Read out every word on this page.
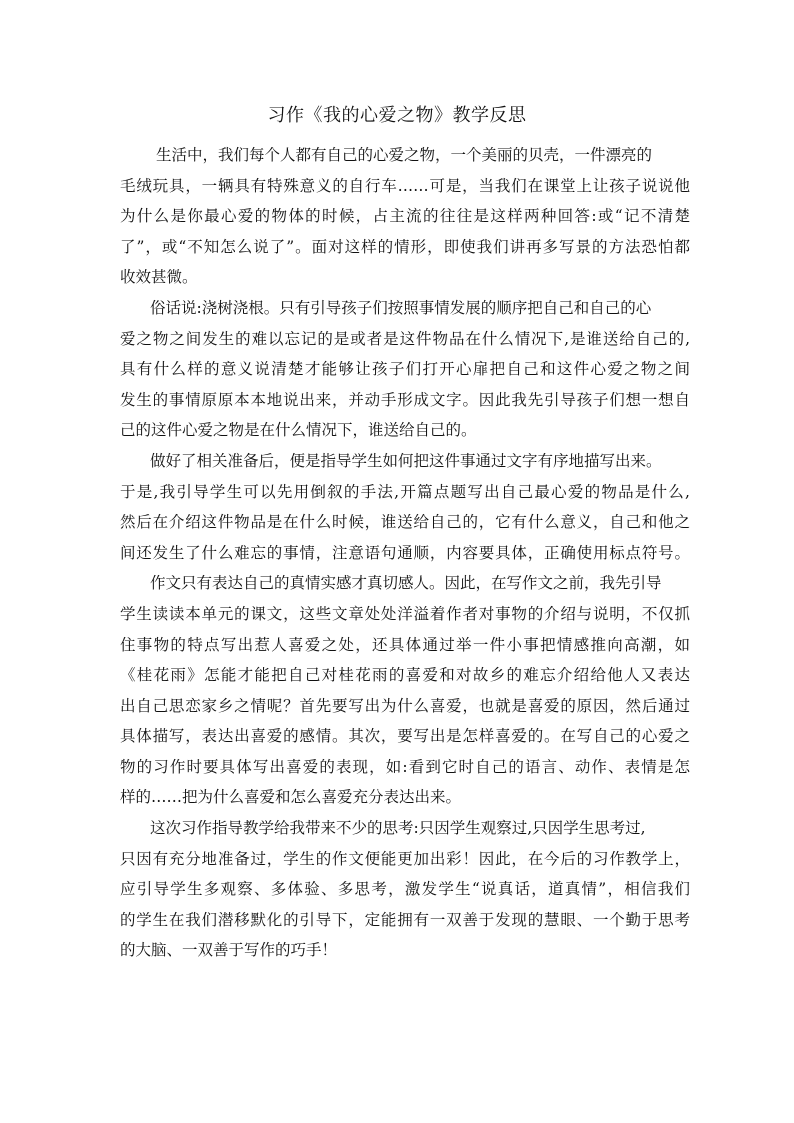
习作《我的心爱之物》教学反思
生活中，我们每个人都有自己的心爱之物，一个美丽的贝壳，一件漂亮的
毛绒玩具，一辆具有特殊意义的自行车……可是，当我们在课堂上让孩子说说他
为什么是你最心爱的物体的时候，占主流的往往是这样两种回答:或“记不清楚
了”，或“不知怎么说了”。面对这样的情形，即使我们讲再多写景的方法恐怕都
收效甚微。
俗话说:浇树浇根。只有引导孩子们按照事情发展的顺序把自己和自己的心
爱之物之间发生的难以忘记的是或者是这件物品在什么情况下,是谁送给自己的,
具有什么样的意义说清楚才能够让孩子们打开心扉把自己和这件心爱之物之间
发生的事情原原本本地说出来，并动手形成文字。因此我先引导孩子们想一想自
己的这件心爱之物是在什么情况下，谁送给自己的。
做好了相关准备后，便是指导学生如何把这件事通过文字有序地描写出来。
于是,我引导学生可以先用倒叙的手法,开篇点题写出自己最心爱的物品是什么,
然后在介绍这件物品是在什么时候，谁送给自己的，它有什么意义，自己和他之
间还发生了什么难忘的事情，注意语句通顺，内容要具体，正确使用标点符号。
作文只有表达自己的真情实感才真切感人。因此，在写作文之前，我先引导
学生读读本单元的课文，这些文章处处洋溢着作者对事物的介绍与说明，不仅抓
住事物的特点写出惹人喜爱之处，还具体通过举一件小事把情感推向高潮，如
《桂花雨》怎能才能把自己对桂花雨的喜爱和对故乡的难忘介绍给他人又表达
出自己思恋家乡之情呢？首先要写出为什么喜爱，也就是喜爱的原因，然后通过
具体描写，表达出喜爱的感情。其次，要写出是怎样喜爱的。在写自己的心爱之
物的习作时要具体写出喜爱的表现，如:看到它时自己的语言、动作、表情是怎
样的……把为什么喜爱和怎么喜爱充分表达出来。
这次习作指导教学给我带来不少的思考:只因学生观察过,只因学生思考过,
只因有充分地准备过，学生的作文便能更加出彩！因此，在今后的习作教学上，
应引导学生多观察、多体验、多思考，激发学生“说真话，道真情”，相信我们
的学生在我们潜移默化的引导下，定能拥有一双善于发现的慧眼、一个勤于思考
的大脑、一双善于写作的巧手！
